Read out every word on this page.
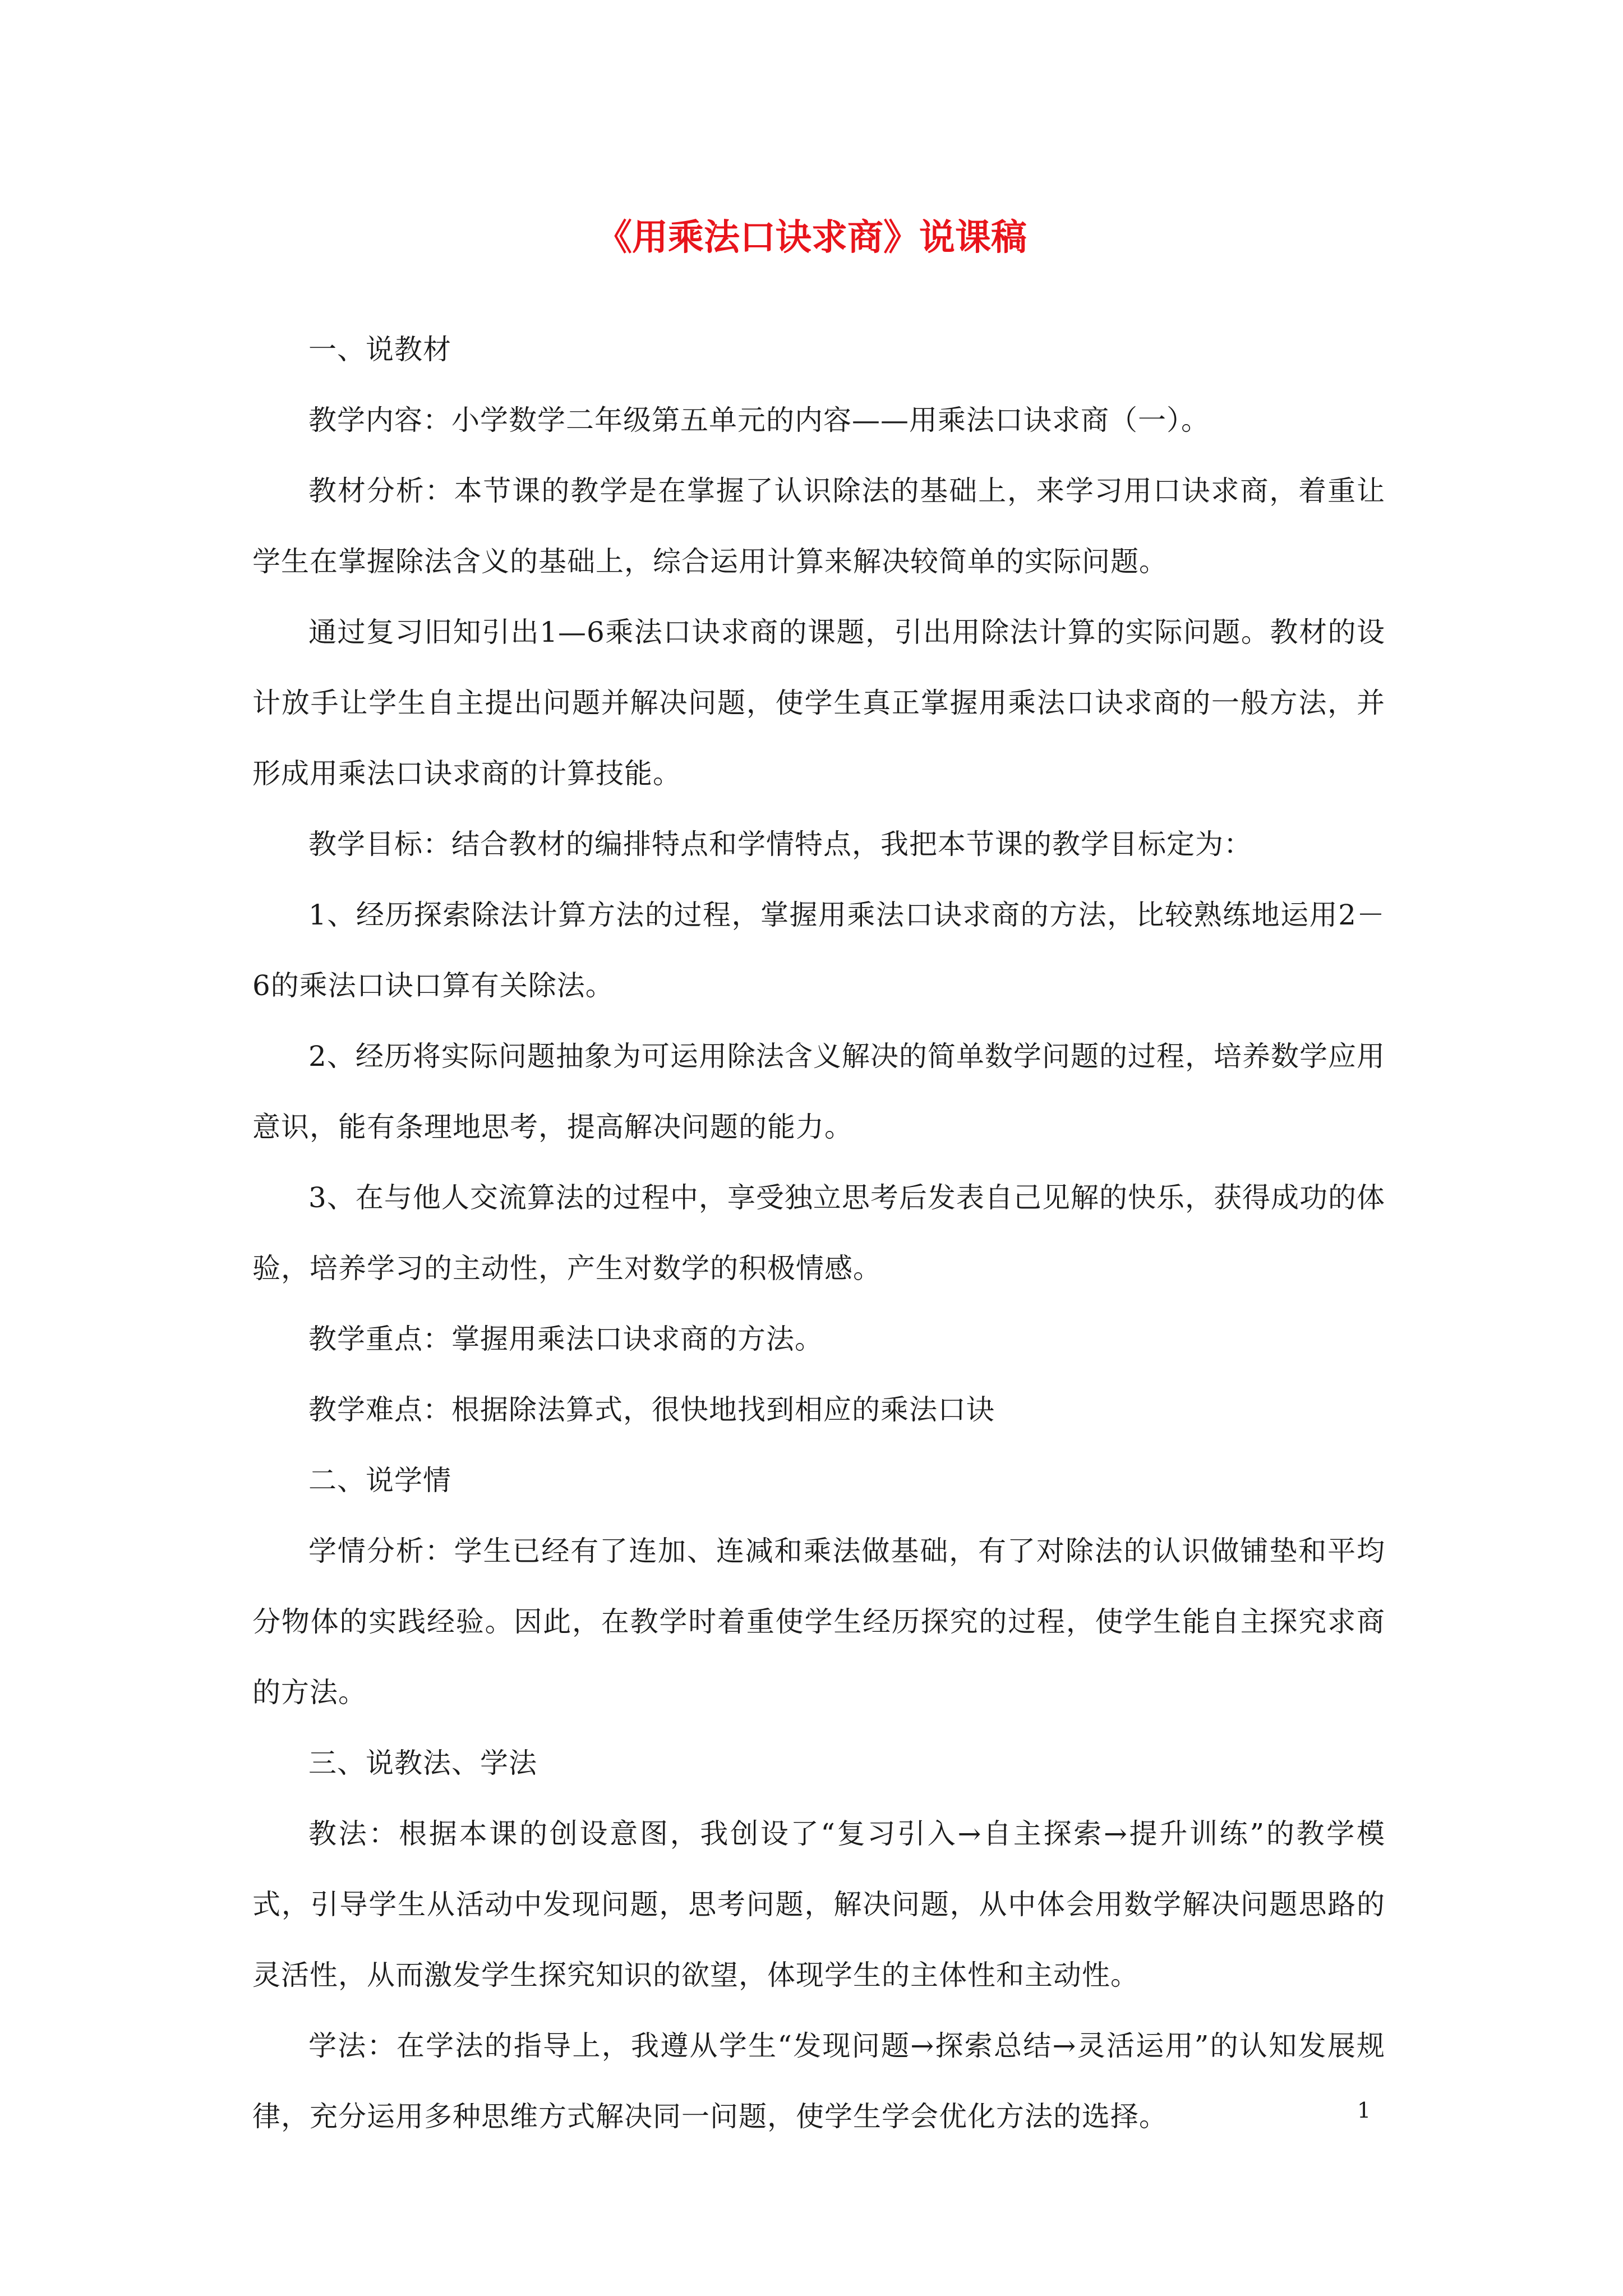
《用乘法口诀求商》说课稿

一、说教材

教学内容：小学数学二年级第五单元的内容——用乘法口诀求商（一）。

教材分析：本节课的教学是在掌握了认识除法的基础上，来学习用口诀求商，着重让学生在掌握除法含义的基础上，综合运用计算来解决较简单的实际问题。

通过复习旧知引出1—6乘法口诀求商的课题，引出用除法计算的实际问题。教材的设计放手让学生自主提出问题并解决问题，使学生真正掌握用乘法口诀求商的一般方法，并形成用乘法口诀求商的计算技能。

教学目标：结合教材的编排特点和学情特点，我把本节课的教学目标定为：

1、经历探索除法计算方法的过程，掌握用乘法口诀求商的方法，比较熟练地运用2－6的乘法口诀口算有关除法。

2、经历将实际问题抽象为可运用除法含义解决的简单数学问题的过程，培养数学应用意识，能有条理地思考，提高解决问题的能力。

3、在与他人交流算法的过程中，享受独立思考后发表自己见解的快乐，获得成功的体验，培养学习的主动性，产生对数学的积极情感。

教学重点：掌握用乘法口诀求商的方法。

教学难点：根据除法算式，很快地找到相应的乘法口诀

二、说学情

学情分析：学生已经有了连加、连减和乘法做基础，有了对除法的认识做铺垫和平均分物体的实践经验。因此，在教学时着重使学生经历探究的过程，使学生能自主探究求商的方法。

三、说教法、学法

教法：根据本课的创设意图，我创设了“复习引入→自主探索→提升训练”的教学模式，引导学生从活动中发现问题，思考问题，解决问题，从中体会用数学解决问题思路的灵活性，从而激发学生探究知识的欲望，体现学生的主体性和主动性。

学法：在学法的指导上，我遵从学生“发现问题→探索总结→灵活运用”的认知发展规律，充分运用多种思维方式解决同一问题，使学生学会优化方法的选择。	1
